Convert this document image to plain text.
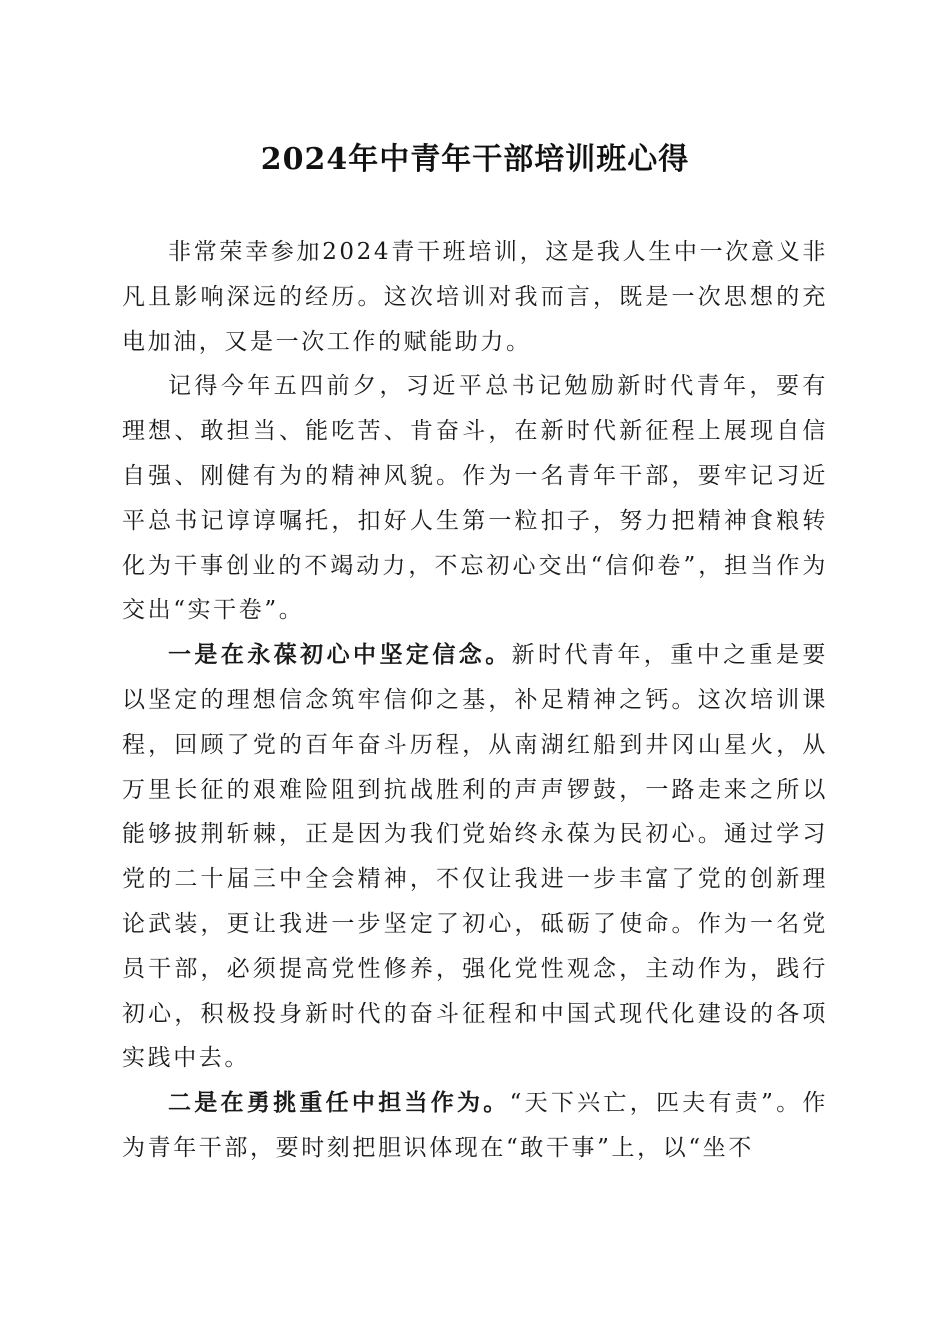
2024年中青年干部培训班心得

非常荣幸参加2024青干班培训，这是我人生中一次意义非凡且影响深远的经历。这次培训对我而言，既是一次思想的充电加油，又是一次工作的赋能助力。

记得今年五四前夕，习近平总书记勉励新时代青年，要有理想、敢担当、能吃苦、肯奋斗，在新时代新征程上展现自信自强、刚健有为的精神风貌。作为一名青年干部，要牢记习近平总书记谆谆嘱托，扣好人生第一粒扣子，努力把精神食粮转化为干事创业的不竭动力，不忘初心交出“信仰卷”，担当作为交出“实干卷”。

一是在永葆初心中坚定信念。新时代青年，重中之重是要以坚定的理想信念筑牢信仰之基，补足精神之钙。这次培训课程，回顾了党的百年奋斗历程，从南湖红船到井冈山星火，从万里长征的艰难险阻到抗战胜利的声声锣鼓，一路走来之所以能够披荆斩棘，正是因为我们党始终永葆为民初心。通过学习党的二十届三中全会精神，不仅让我进一步丰富了党的创新理论武装，更让我进一步坚定了初心，砥砺了使命。作为一名党员干部，必须提高党性修养，强化党性观念，主动作为，践行初心，积极投身新时代的奋斗征程和中国式现代化建设的各项实践中去。

二是在勇挑重任中担当作为。“天下兴亡，匹夫有责”。作为青年干部，要时刻把胆识体现在“敢干事”上，以“坐不
